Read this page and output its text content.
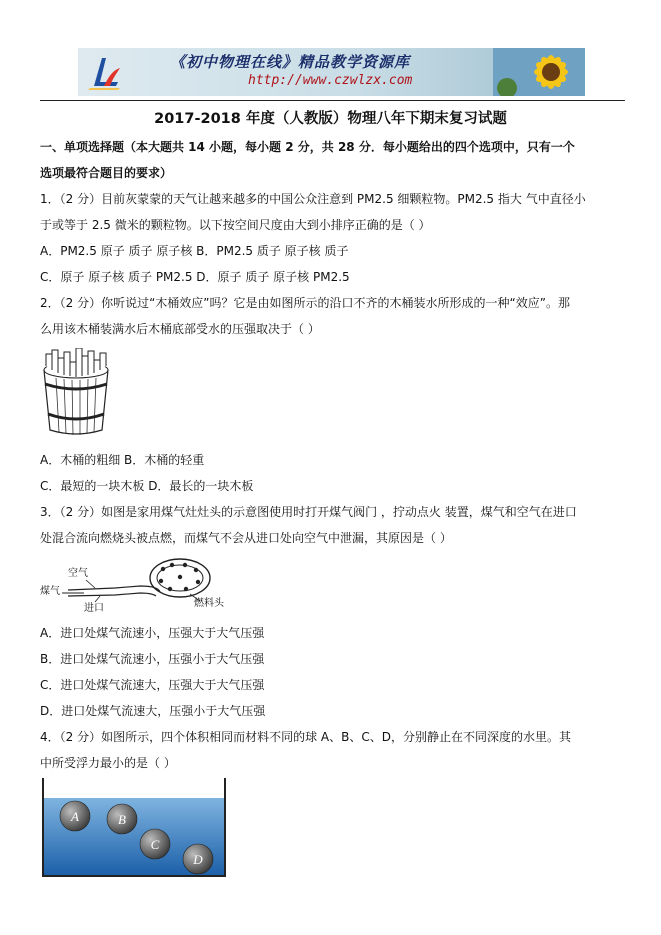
《初中物理在线》精品教学资源库
http://www.czwlzx.com
2017-2018 年度（人教版）物理八年下期末复习试题
一、单项选择题（本大题共 14 小题，每小题 2 分，共 28 分．每小题给出的四个选项中，只有一个
选项最符合题目的要求）
1．（2 分）目前灰蒙蒙的天气让越来越多的中国公众注意到 PM2.5 细颗粒物。PM2.5 指大 气中直径小
于或等于 2.5 微米的颗粒物。以下按空间尺度由大到小排序正确的是（ ）
A．PM2.5 原子 质子 原子核 B．PM2.5 质子 原子核 质子
C．原子 原子核 质子 PM2.5 D．原子 质子 原子核 PM2.5
2．（2 分）你听说过“木桶效应”吗？它是由如图所示的沿口不齐的木桶装水所形成的一种“效应”。那
么用该木桶装满水后木桶底部受水的压强取决于（ ）
A．木桶的粗细 B．木桶的轻重
C．最短的一块木板 D．最长的一块木板
3．（2 分）如图是家用煤气灶灶头的示意图使用时打开煤气阀门 ，拧动点火 装置，煤气和空气在进口
处混合流向燃烧头被点燃，而煤气不会从进口处向空气中泄漏，其原因是（ ）
空气
煤气
进口	燃料头
A．进口处煤气流速小，压强大于大气压强
B．进口处煤气流速小，压强小于大气压强
C．进口处煤气流速大，压强大于大气压强
D．进口处煤气流速大，压强小于大气压强
4．（2 分）如图所示，四个体积相同而材料不同的球 A、B、C、D，分别静止在不同深度的水里。其
中所受浮力最小的是（ ）
A	B
C
D
